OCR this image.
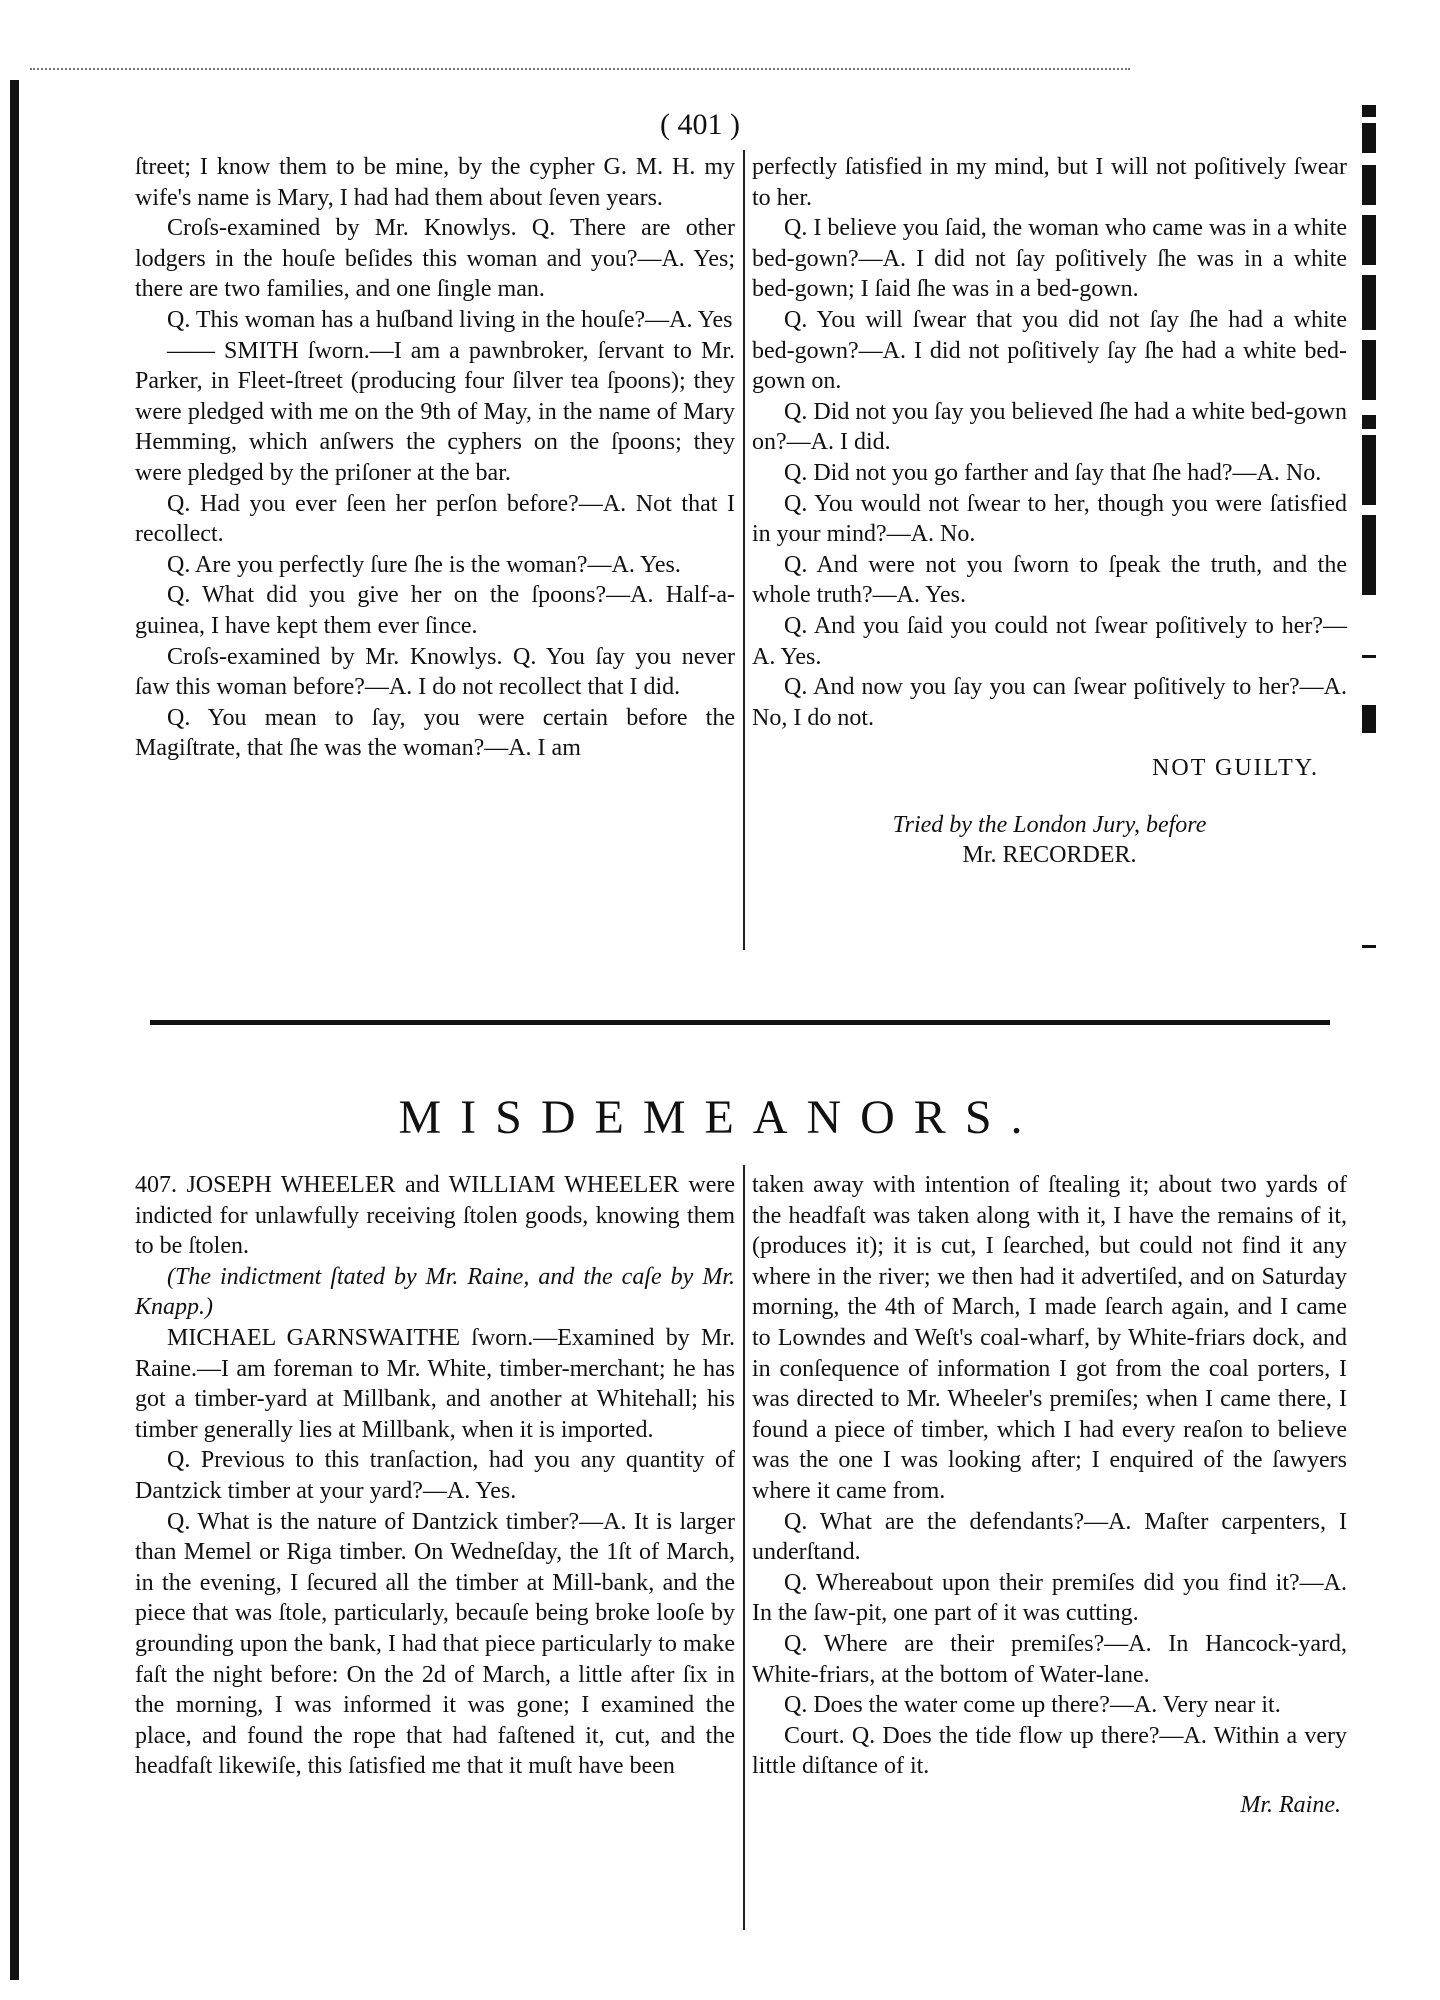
( 401 )

ſtreet; I know them to be mine, by the cypher G. M. H. my wife's name is Mary, I had had them about ſeven years.

Croſs-examined by Mr. Knowlys. Q. There are other lodgers in the houſe beſides this woman and you?—A. Yes; there are two families, and one ſingle man.

Q. This woman has a huſband living in the houſe?—A. Yes

—— SMITH ſworn.—I am a pawnbroker, ſervant to Mr. Parker, in Fleet-ſtreet (producing four ſilver tea ſpoons); they were pledged with me on the 9th of May, in the name of Mary Hemming, which anſwers the cyphers on the ſpoons; they were pledged by the priſoner at the bar.

Q. Had you ever ſeen her perſon before?—A. Not that I recollect.

Q. Are you perfectly ſure ſhe is the woman?—A. Yes.

Q. What did you give her on the ſpoons?—A. Half-a-guinea, I have kept them ever ſince.

Croſs-examined by Mr. Knowlys. Q. You ſay you never ſaw this woman before?—A. I do not recollect that I did.

Q. You mean to ſay, you were certain before the Magiſtrate, that ſhe was the woman?—A. I am

perfectly ſatisfied in my mind, but I will not poſitively ſwear to her.

Q. I believe you ſaid, the woman who came was in a white bed-gown?—A. I did not ſay poſitively ſhe was in a white bed-gown; I ſaid ſhe was in a bed-gown.

Q. You will ſwear that you did not ſay ſhe had a white bed-gown?—A. I did not poſitively ſay ſhe had a white bed-gown on.

Q. Did not you ſay you believed ſhe had a white bed-gown on?—A. I did.

Q. Did not you go farther and ſay that ſhe had?—A. No.

Q. You would not ſwear to her, though you were ſatisfied in your mind?—A. No.

Q. And were not you ſworn to ſpeak the truth, and the whole truth?—A. Yes.

Q. And you ſaid you could not ſwear poſitively to her?—A. Yes.

Q. And now you ſay you can ſwear poſitively to her?—A. No, I do not.

NOT GUILTY.

Tried by the London Jury, before

Mr. RECORDER.

MISDEMEANORS.

407. JOSEPH WHEELER and WILLIAM WHEELER were indicted for unlawfully receiving ſtolen goods, knowing them to be ſtolen.

(The indictment ſtated by Mr. Raine, and the caſe by Mr. Knapp.)

MICHAEL GARNSWAITHE ſworn.—Examined by Mr. Raine.—I am foreman to Mr. White, timber-merchant; he has got a timber-yard at Millbank, and another at Whitehall; his timber generally lies at Millbank, when it is imported.

Q. Previous to this tranſaction, had you any quantity of Dantzick timber at your yard?—A. Yes.

Q. What is the nature of Dantzick timber?—A. It is larger than Memel or Riga timber. On Wedneſday, the 1ſt of March, in the evening, I ſecured all the timber at Mill-bank, and the piece that was ſtole, particularly, becauſe being broke looſe by grounding upon the bank, I had that piece particularly to make faſt the night before: On the 2d of March, a little after ſix in the morning, I was informed it was gone; I examined the place, and found the rope that had faſtened it, cut, and the headfaſt likewiſe, this ſatisfied me that it muſt have been

taken away with intention of ſtealing it; about two yards of the headfaſt was taken along with it, I have the remains of it, (produces it); it is cut, I ſearched, but could not find it any where in the river; we then had it advertiſed, and on Saturday morning, the 4th of March, I made ſearch again, and I came to Lowndes and Weſt's coal-wharf, by White-friars dock, and in conſequence of information I got from the coal porters, I was directed to Mr. Wheeler's premiſes; when I came there, I found a piece of timber, which I had every reaſon to believe was the one I was looking after; I enquired of the ſawyers where it came from.

Q. What are the defendants?—A. Maſter carpenters, I underſtand.

Q. Whereabout upon their premiſes did you find it?—A. In the ſaw-pit, one part of it was cutting.

Q. Where are their premiſes?—A. In Hancock-yard, White-friars, at the bottom of Water-lane.

Q. Does the water come up there?—A. Very near it.

Court. Q. Does the tide flow up there?—A. Within a very little diſtance of it.

Mr. Raine.
